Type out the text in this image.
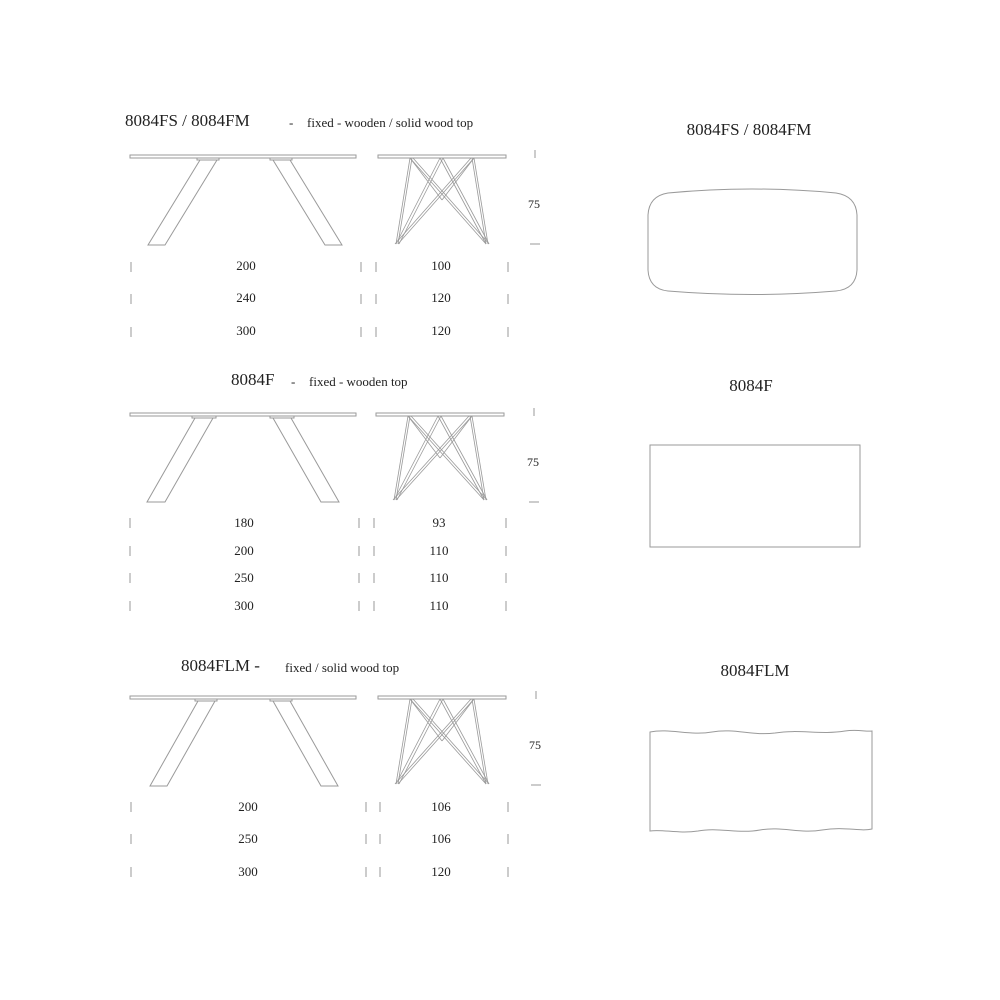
8084FS / 8084FM	- fixed - wooden / solid wood top
75
200
240
300
100
120
120
8084FS / 8084FM
8084F - fixed - wooden top
75
180
200
250
300
93
110
110
110
8084F
8084FLM - fixed / solid wood top
75
200
250
300
106
106
120
8084FLM
